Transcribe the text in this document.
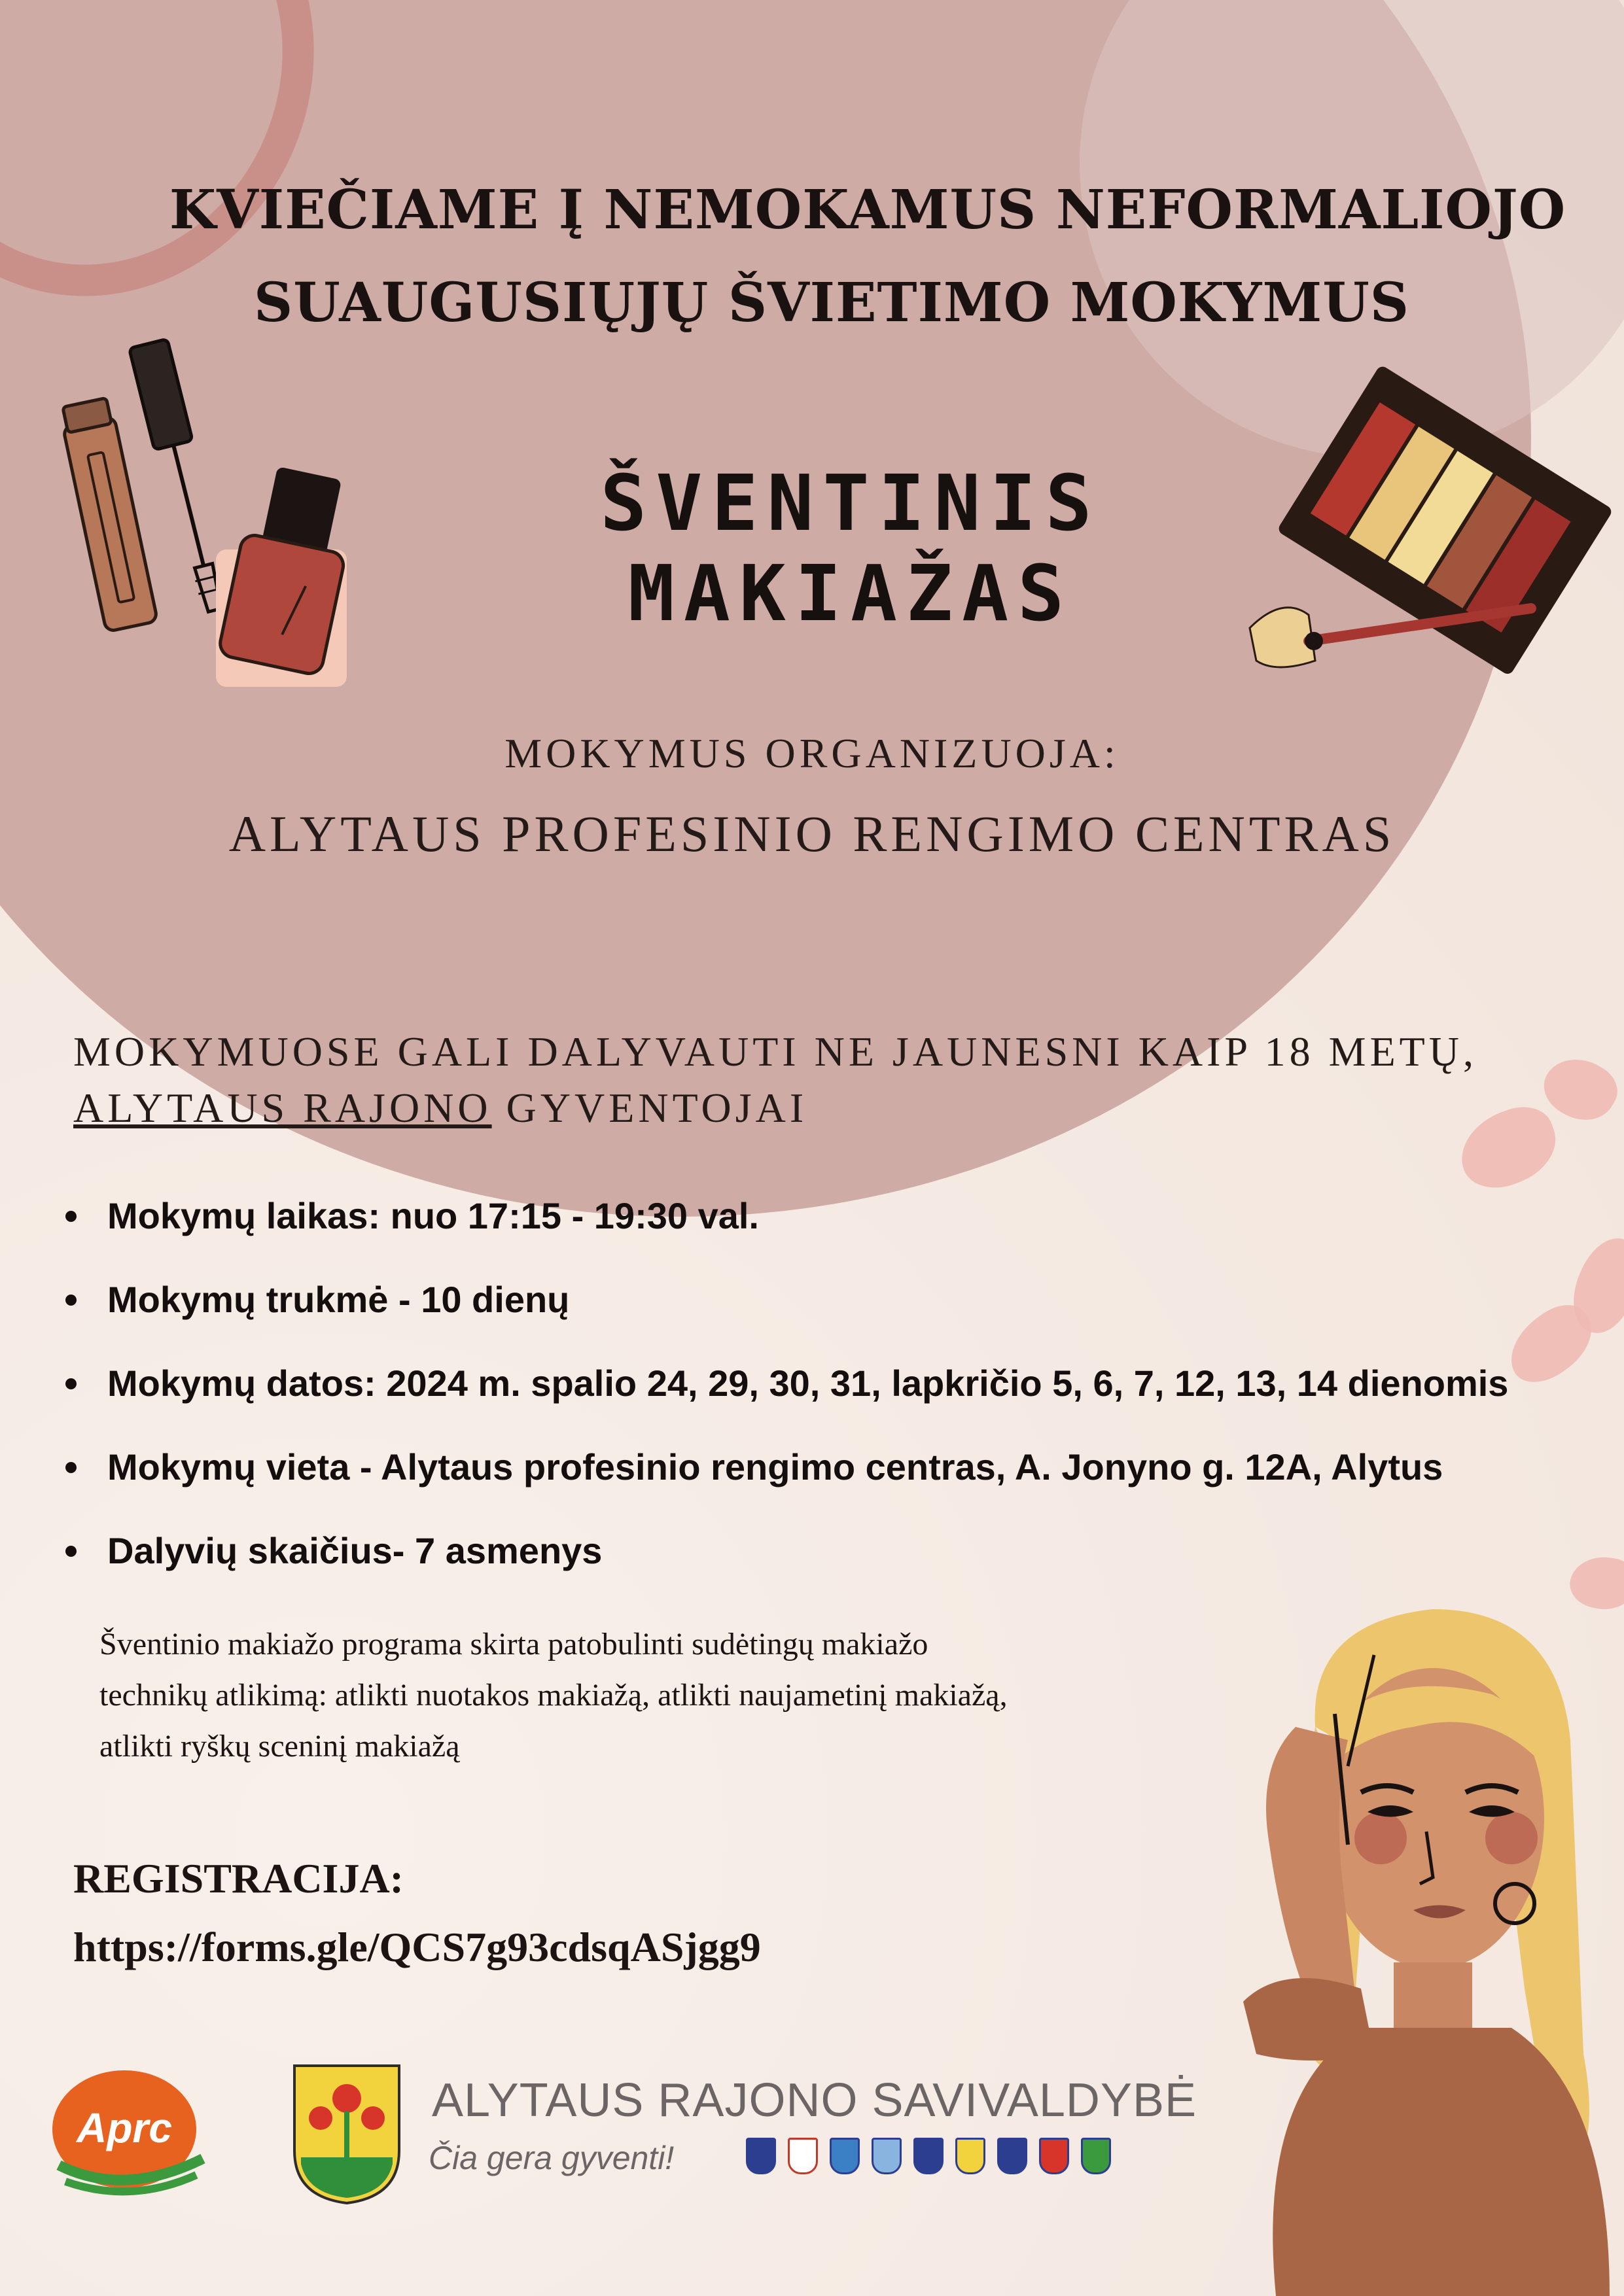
KVIEČIAME Į NEMOKAMUS NEFORMALIOJO
SUAUGUSIŲJŲ ŠVIETIMO MOKYMUS
ŠVENTINIS MAKIAŽAS
MOKYMUS ORGANIZUOJA:
ALYTAUS PROFESINIO RENGIMO CENTRAS
MOKYMUOSE GALI DALYVAUTI NE JAUNESNI KAIP 18 METŲ,
ALYTAUS RAJONO GYVENTOJAI
Mokymų laikas: nuo 17:15 - 19:30 val.
Mokymų trukmė - 10 dienų
Mokymų datos: 2024 m. spalio 24, 29, 30, 31, lapkričio 5, 6, 7, 12, 13, 14 dienomis
Mokymų vieta - Alytaus profesinio rengimo centras, A. Jonyno g. 12A, Alytus
Dalyvių skaičius- 7 asmenys
Šventinio makiažo programa skirta patobulinti sudėtingų makiažo
technikų atlikimą: atlikti nuotakos makiažą, atlikti naujametinį makiažą,
atlikti ryškų sceninį makiažą
REGISTRACIJA:
https://forms.gle/QCS7g93cdsqASjgg9
Aprc
ALYTAUS RAJONO SAVIVALDYBĖ
Čia gera gyventi!
